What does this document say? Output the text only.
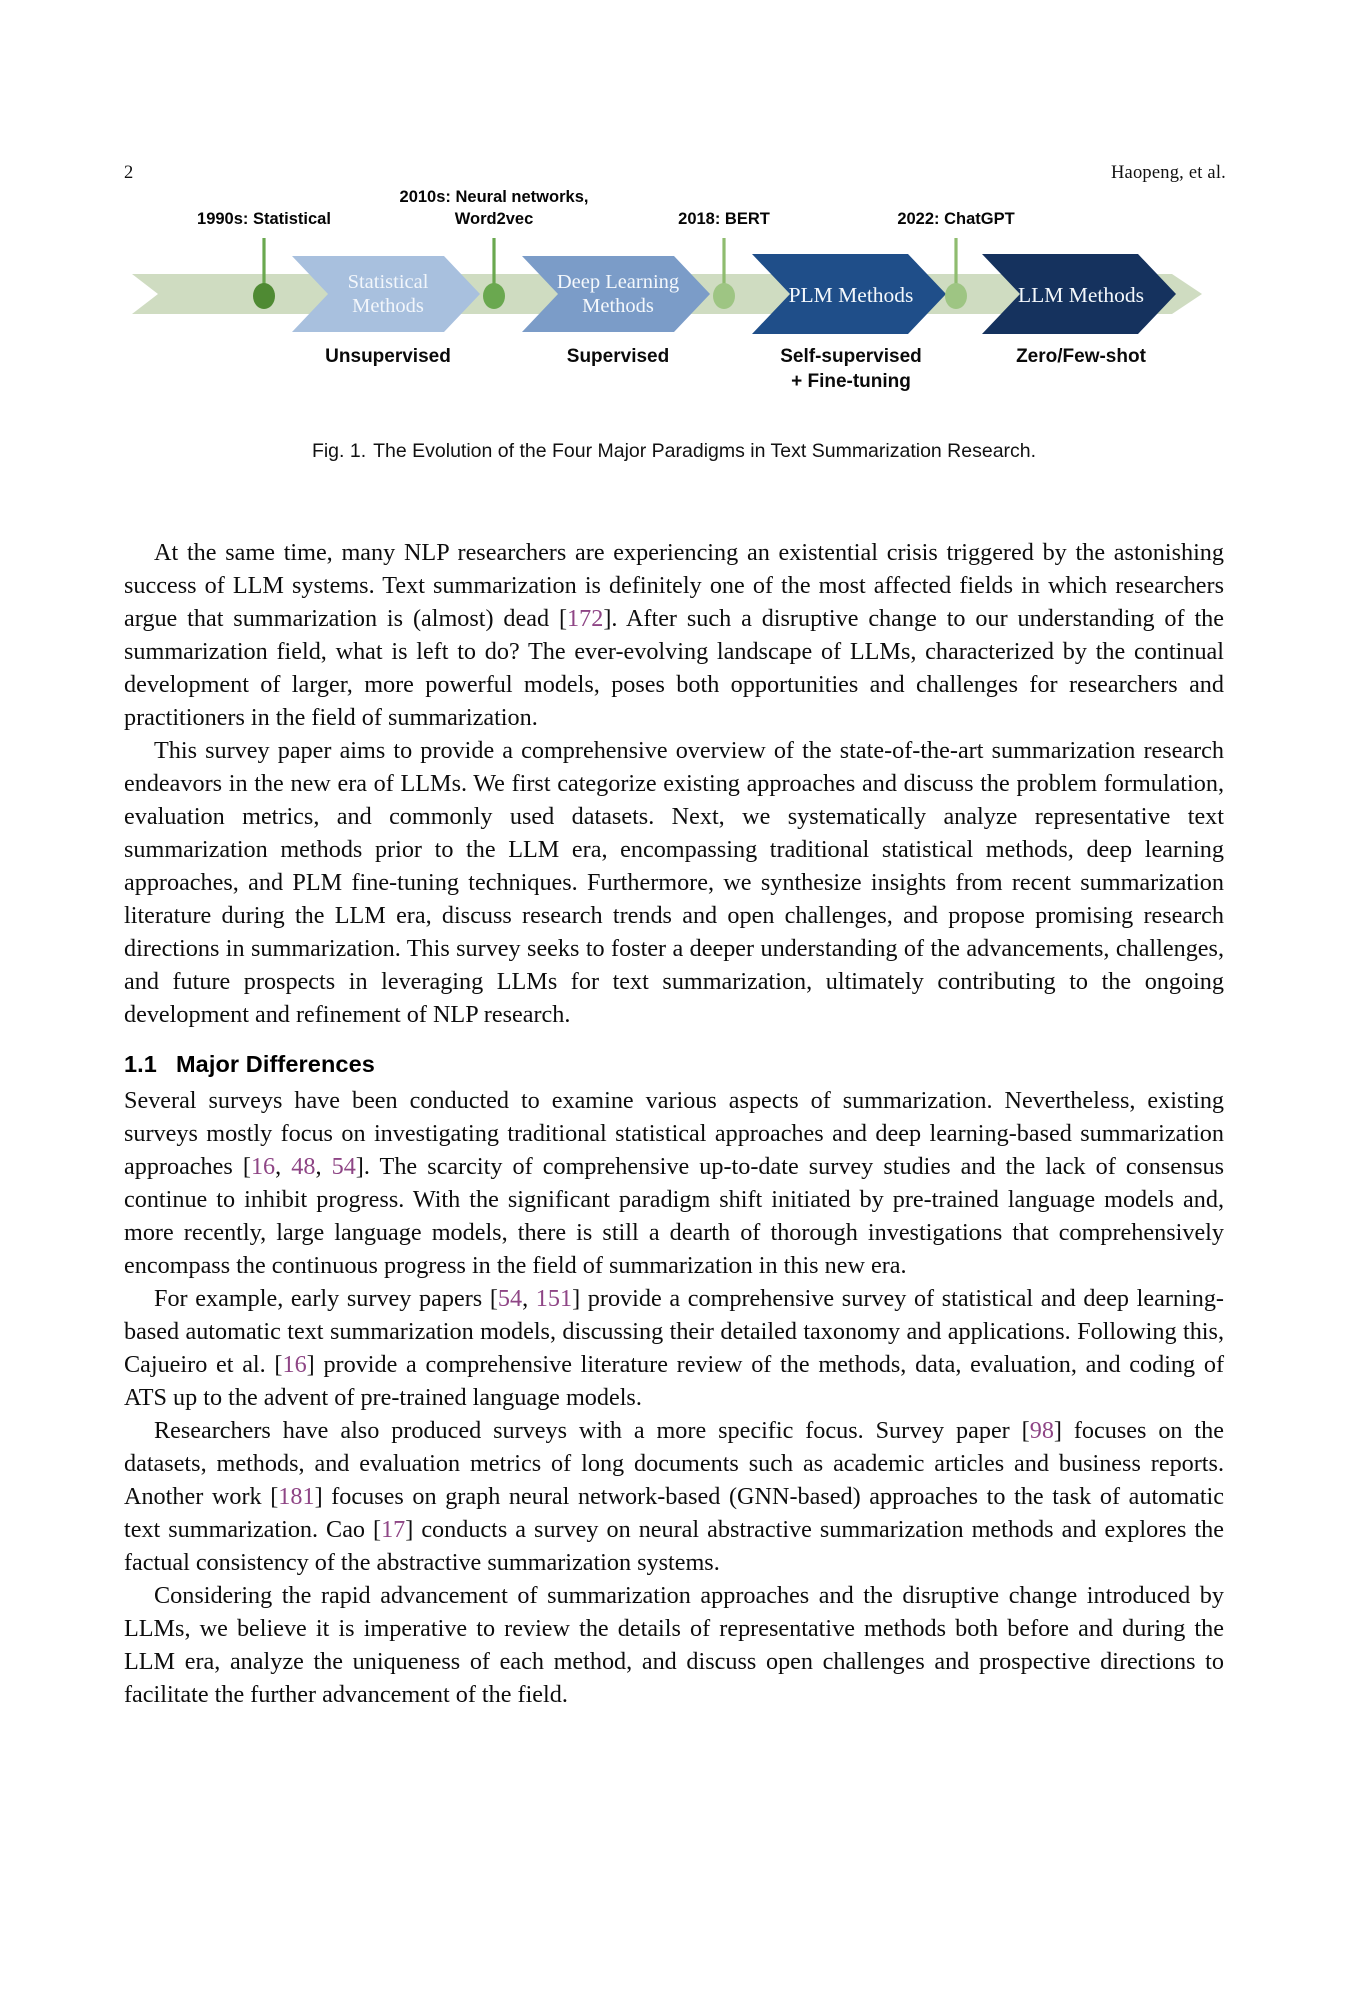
2	Haopeng, et al.
Statistical
Methods
Deep Learning
Methods	PLM Methods	LLM Methods
Unsupervised	Supervised	Self-supervised
+ Fine-tuning
Zero/Few-shot
1990s: Statistical
2010s: Neural networks,
Word2vec	2018: BERT	2022: ChatGPT
Fig. 1. The Evolution of the Four Major Paradigms in Text Summarization Research.

At the same time, many NLP researchers are experiencing an existential crisis triggered by the astonishing success of LLM systems. Text summarization is definitely one of the most affected fields in which researchers argue that summarization is (almost) dead [172]. After such a disruptive change to our understanding of the summarization field, what is left to do? The ever-evolving landscape of LLMs, characterized by the continual development of larger, more powerful models, poses both opportunities and challenges for researchers and practitioners in the field of summarization.

This survey paper aims to provide a comprehensive overview of the state-of-the-art summarization research endeavors in the new era of LLMs. We first categorize existing approaches and discuss the problem formulation, evaluation metrics, and commonly used datasets. Next, we systematically analyze representative text summarization methods prior to the LLM era, encompassing traditional statistical methods, deep learning approaches, and PLM fine-tuning techniques. Furthermore, we synthesize insights from recent summarization literature during the LLM era, discuss research trends and open challenges, and propose promising research directions in summarization. This survey seeks to foster a deeper understanding of the advancements, challenges, and future prospects in leveraging LLMs for text summarization, ultimately contributing to the ongoing development and refinement of NLP research.

1.1 Major Differences

Several surveys have been conducted to examine various aspects of summarization. Nevertheless, existing surveys mostly focus on investigating traditional statistical approaches and deep learning-based summarization approaches [16, 48, 54]. The scarcity of comprehensive up-to-date survey studies and the lack of consensus continue to inhibit progress. With the significant paradigm shift initiated by pre-trained language models and, more recently, large language models, there is still a dearth of thorough investigations that comprehensively encompass the continuous progress in the field of summarization in this new era.

For example, early survey papers [54, 151] provide a comprehensive survey of statistical and deep learning-based automatic text summarization models, discussing their detailed taxonomy and applications. Following this, Cajueiro et al. [16] provide a comprehensive literature review of the methods, data, evaluation, and coding of ATS up to the advent of pre-trained language models.

Researchers have also produced surveys with a more specific focus. Survey paper [98] focuses on the datasets, methods, and evaluation metrics of long documents such as academic articles and business reports. Another work [181] focuses on graph neural network-based (GNN-based) approaches to the task of automatic text summarization. Cao [17] conducts a survey on neural abstractive summarization methods and explores the factual consistency of the abstractive summarization systems.

Considering the rapid advancement of summarization approaches and the disruptive change introduced by LLMs, we believe it is imperative to review the details of representative methods both before and during the LLM era, analyze the uniqueness of each method, and discuss open challenges and prospective directions to facilitate the further advancement of the field.
